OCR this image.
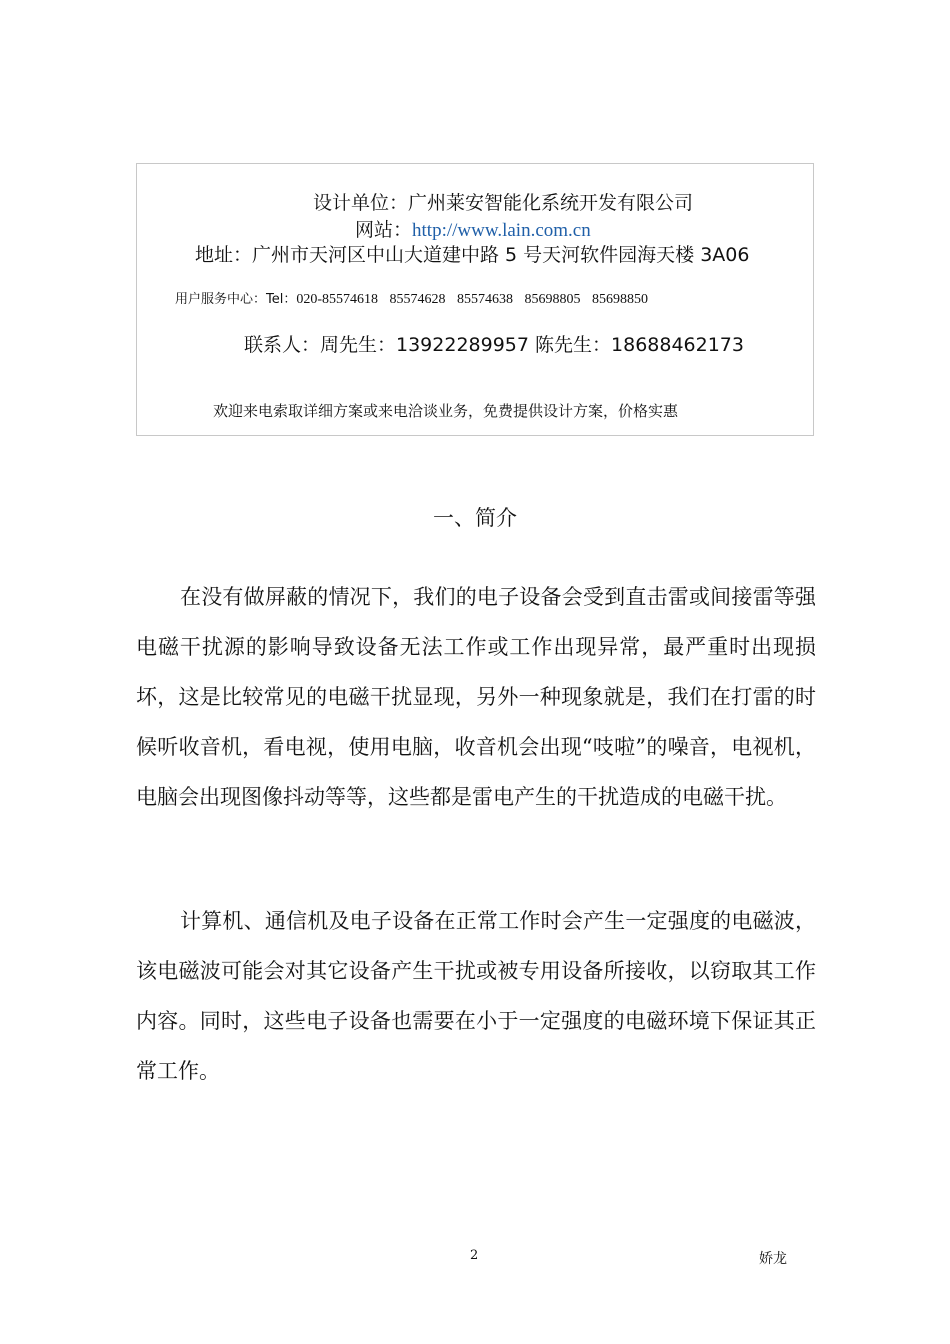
设计单位：广州莱安智能化系统开发有限公司
网站：http://www.lain.com.cn
地址：广州市天河区中山大道建中路 5 号天河软件园海天楼 3A06
用户服务中心：Tel：020-85574618 85574628 85574638 85698805 85698850
联系人：周先生：13922289957 陈先生：18688462173
欢迎来电索取详细方案或来电洽谈业务，免费提供设计方案，价格实惠
一、简介

在没有做屏蔽的情况下，我们的电子设备会受到直击雷或间接雷等强电磁干扰源的影响导致设备无法工作或工作出现异常，最严重时出现损坏，这是比较常见的电磁干扰显现，另外一种现象就是，我们在打雷的时候听收音机，看电视，使用电脑，收音机会出现“吱啦”的噪音，电视机，电脑会出现图像抖动等等，这些都是雷电产生的干扰造成的电磁干扰。

计算机、通信机及电子设备在正常工作时会产生一定强度的电磁波，该电磁波可能会对其它设备产生干扰或被专用设备所接收，以窃取其工作内容。同时，这些电子设备也需要在小于一定强度的电磁环境下保证其正常工作。

2	娇龙
